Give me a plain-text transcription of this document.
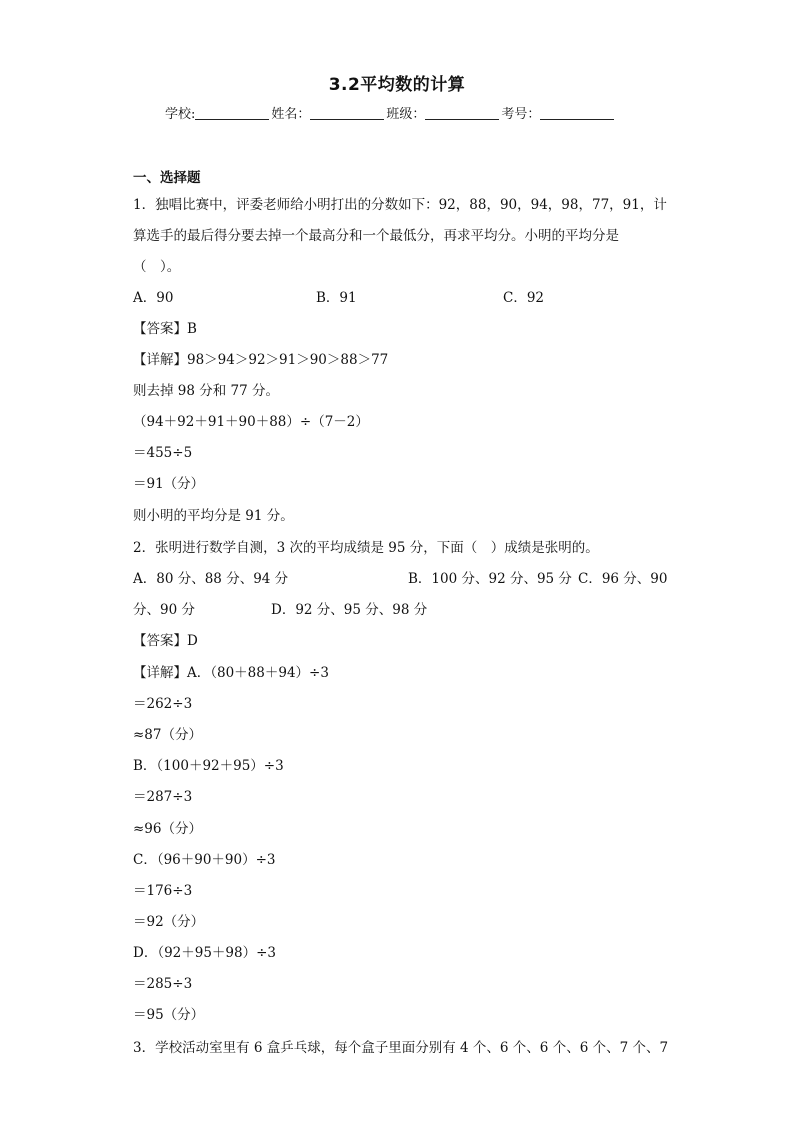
3.2平均数的计算
学校:	姓名：	班级：	考号：
一、选择题
1．独唱比赛中，评委老师给小明打出的分数如下：92，88，90，94，98，77，91，计
算选手的最后得分要去掉一个最高分和一个最低分，再求平均分。小明的平均分是
（　）。
A．90	B．91	C．92
【答案】B
【详解】98＞94＞92＞91＞90＞88＞77
则去掉 98 分和 77 分。
（94＋92＋91＋90＋88）÷（7－2）
＝455÷5
＝91（分）
则小明的平均分是 91 分。
2．张明进行数学自测，3 次的平均成绩是 95 分，下面（　）成绩是张明的。
A．80 分、88 分、94 分	B．100 分、92 分、95 分 C．96 分、90
分、90 分	D．92 分、95 分、98 分
【答案】D
【详解】A．（80＋88＋94）÷3
＝262÷3
≈87（分）
B．（100＋92＋95）÷3
＝287÷3
≈96（分）
C．（96＋90＋90）÷3
＝176÷3
＝92（分）
D．（92＋95＋98）÷3
＝285÷3
＝95（分）
3．学校活动室里有 6 盒乒乓球，每个盒子里面分别有 4 个、6 个、6 个、6 个、7 个、7
